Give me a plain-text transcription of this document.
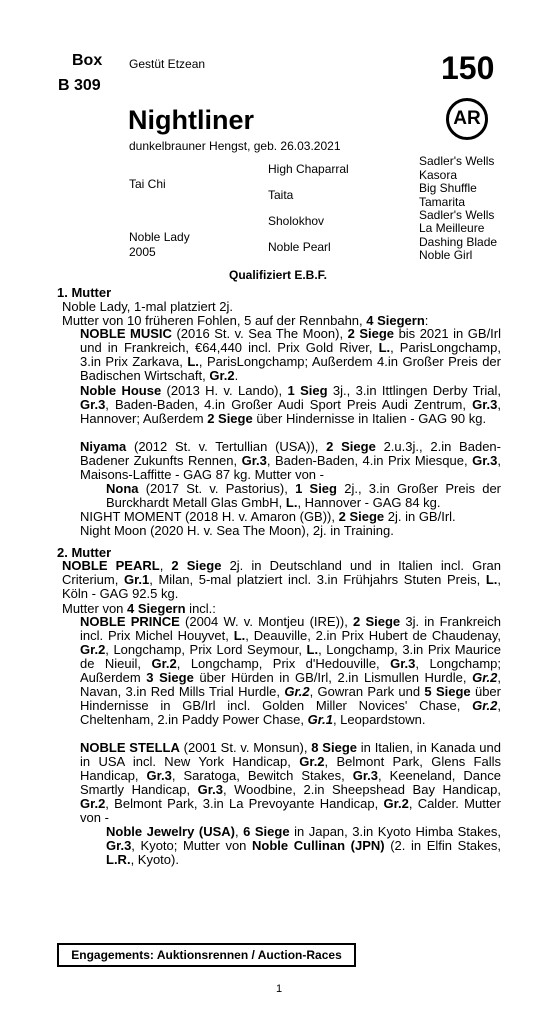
Box
B 309
Gestüt Etzean	150
AR
Nightliner
dunkelbrauner Hengst, geb. 26.03.2021
Tai Chi
Noble Lady
2005
High Chaparral
Taita
Sholokhov
Noble Pearl
Sadler's Wells
Kasora
Big Shuffle
Tamarita
Sadler's Wells
La Meilleure
Dashing Blade
Noble Girl
Qualifiziert E.B.F.
1. Mutter
Noble Lady, 1-mal platziert 2j.
Mutter von 10 früheren Fohlen, 5 auf der Rennbahn, 4 Siegern:
NOBLE MUSIC (2016 St. v. Sea The Moon), 2 Siege bis 2021 in GB/Irl und in Frankreich, €64,440 incl. Prix Gold River, L., ParisLongchamp, 3.in Prix Zarkava, L., ParisLongchamp; Außerdem 4.in Großer Preis der Badischen Wirtschaft, Gr.2.
Noble House (2013 H. v. Lando), 1 Sieg 3j., 3.in Ittlingen Derby Trial, Gr.3, Baden-Baden, 4.in Großer Audi Sport Preis Audi Zentrum, Gr.3, Hannover; Außerdem 2 Siege über Hindernisse in Italien - GAG 90 kg.
Niyama (2012 St. v. Tertullian (USA)), 2 Siege 2.u.3j., 2.in Baden-Badener Zukunfts Rennen, Gr.3, Baden-Baden, 4.in Prix Miesque, Gr.3, Maisons-Laffitte - GAG 87 kg. Mutter von -
Nona (2017 St. v. Pastorius), 1 Sieg 2j., 3.in Großer Preis der Burckhardt Metall Glas GmbH, L., Hannover - GAG 84 kg.
NIGHT MOMENT (2018 H. v. Amaron (GB)), 2 Siege 2j. in GB/Irl.
Night Moon (2020 H. v. Sea The Moon), 2j. in Training.
2. Mutter
NOBLE PEARL, 2 Siege 2j. in Deutschland und in Italien incl. Gran Criterium, Gr.1, Milan, 5-mal platziert incl. 3.in Frühjahrs Stuten Preis, L., Köln - GAG 92.5 kg.
Mutter von 4 Siegern incl.:
NOBLE PRINCE (2004 W. v. Montjeu (IRE)), 2 Siege 3j. in Frankreich incl. Prix Michel Houyvet, L., Deauville, 2.in Prix Hubert de Chaudenay, Gr.2, Longchamp, Prix Lord Seymour, L., Longchamp, 3.in Prix Maurice de Nieuil, Gr.2, Longchamp, Prix d'Hedouville, Gr.3, Longchamp; Außerdem 3 Siege über Hürden in GB/Irl, 2.in Lismullen Hurdle, Gr.2, Navan, 3.in Red Mills Trial Hurdle, Gr.2, Gowran Park und 5 Siege über Hindernisse in GB/Irl incl. Golden Miller Novices' Chase, Gr.2, Cheltenham, 2.in Paddy Power Chase, Gr.1, Leopardstown.
NOBLE STELLA (2001 St. v. Monsun), 8 Siege in Italien, in Kanada und in USA incl. New York Handicap, Gr.2, Belmont Park, Glens Falls Handicap, Gr.3, Saratoga, Bewitch Stakes, Gr.3, Keeneland, Dance Smartly Handicap, Gr.3, Woodbine, 2.in Sheepshead Bay Handicap, Gr.2, Belmont Park, 3.in La Prevoyante Handicap, Gr.2, Calder. Mutter von -
Noble Jewelry (USA), 6 Siege in Japan, 3.in Kyoto Himba Stakes, Gr.3, Kyoto; Mutter von Noble Cullinan (JPN) (2. in Elfin Stakes, L.R., Kyoto).
Engagements: Auktionsrennen / Auction-Races
1
